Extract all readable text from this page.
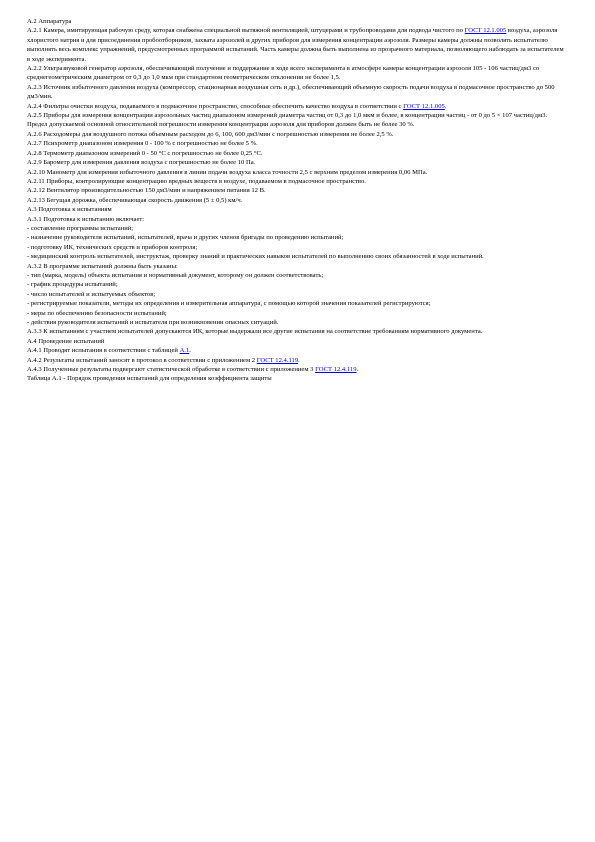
А.2 Аппаратура

А.2.1 Камера, имитирующая рабочую среду, которая снабжена специальной вытяжной вентиляцией, штуцерами и трубопроводами для подвода чистого по ГОСТ 12.1.005 воздуха, аэрозоля хлористого натрия и для присоединения пробоотборников, захвата аэрозолей и других приборов для измерения концентрации аэрозоля. Размеры камеры должны позволять испытателю выполнять весь комплекс упражнений, предусмотренных программой испытаний. Часть камеры должна быть выполнена из прозрачного материала, позволяющего наблюдать за испытателем в ходе эксперимента.

А.2.2 Ультразвуковой генератор аэрозоля, обеспечивающий получение и поддержание в ходе всего эксперимента в атмосфере камеры концентрации аэрозоля 105 - 106 частиц/дм3 со среднегеометрическим диаметром от 0,3 до 1,0 мкм при стандартном геометрическом отклонении не более 1,5.

А.2.3 Источник избыточного давления воздуха (компрессор, стационарная воздушная сеть и др.), обеспечивающий объемную скорость подачи воздуха в подмасочное пространство до 500 дм3/мин.

А.2.4 Фильтры очистки воздуха, подаваемого в подмасочное пространство, способные обеспечить качество воздуха в соответствии с ГОСТ 12.1.005.

А.2.5 Приборы для измерения концентрации аэрозольных частиц диапазоном измерений диаметра частиц от 0,3 до 1,0 мкм и более, в концентрации частиц - от 0 до 5 × 107 частиц/дм3. Предел допускаемой основной относительной погрешности измерения концентрации аэрозоля для приборов должен быть не более 30 %.

А.2.6 Расходомеры для воздушного потока объемным расходом до 6, 100, 600 дм3/мин с погрешностью измерения не более 2,5 %.

А.2.7 Психрометр диапазоном измерения 0 - 100 % с погрешностью не более 5 %.

А.2.8 Термометр диапазоном измерений 0 - 50 °С с погрешностью не более 0,25 °С.

А.2.9 Барометр для измерения давления воздуха с погрешностью не более 10 Па.

А.2.10 Манометр для измерения избыточного давления в линии подачи воздуха класса точности 2,5 с верхним пределом измерения 0,06 МПа.

А.2.11 Приборы, контролирующие концентрацию вредных веществ в воздухе, подаваемом в подмасочное пространство.

А.2.12 Вентилятор производительностью 150 дм3/мин и напряжением питания 12 В.

А.2.13 Бегущая дорожка, обеспечивающая скорость движения (5 ± 0,5) км/ч.

А.3 Подготовка к испытаниям

А.3.1 Подготовка к испытанию включает:

- составление программы испытаний;

- назначение руководителя испытаний, испытателей, врача и других членов бригады по проведению испытаний;

- подготовку ИК, технических средств и приборов контроля;

- медицинский контроль испытателей, инструктаж, проверку знаний и практических навыков испытателей по выполнению своих обязанностей в ходе испытаний.

А.3.2 В программе испытаний должны быть указаны:

- тип (марка, модель) объекта испытания и нормативный документ, которому он должен соответствовать;

- график процедуры испытаний;

- число испытателей и испытуемых объектов;

- регистрируемые показатели, методы их определения и измерительная аппаратура, с помощью которой значения показателей регистрируются;

- меры по обеспечению безопасности испытаний;

- действия руководителя испытаний и испытателя при возникновении опасных ситуаций.

А.3.3 К испытаниям с участием испытателей допускаются ИК, которые выдержали все другие испытания на соответствие требованиям нормативного документа.

А.4 Проведение испытаний

А.4.1 Проводят испытания в соответствии с таблицей А.1.

А.4.2 Результаты испытаний заносят в протокол в соответствии с приложением 2 ГОСТ 12.4.119.

А.4.3 Полученные результаты подвергают статистической обработке в соответствии с приложением 3 ГОСТ 12.4.119.

Таблица А.1 - Порядок проведения испытаний для определения коэффициента защиты
